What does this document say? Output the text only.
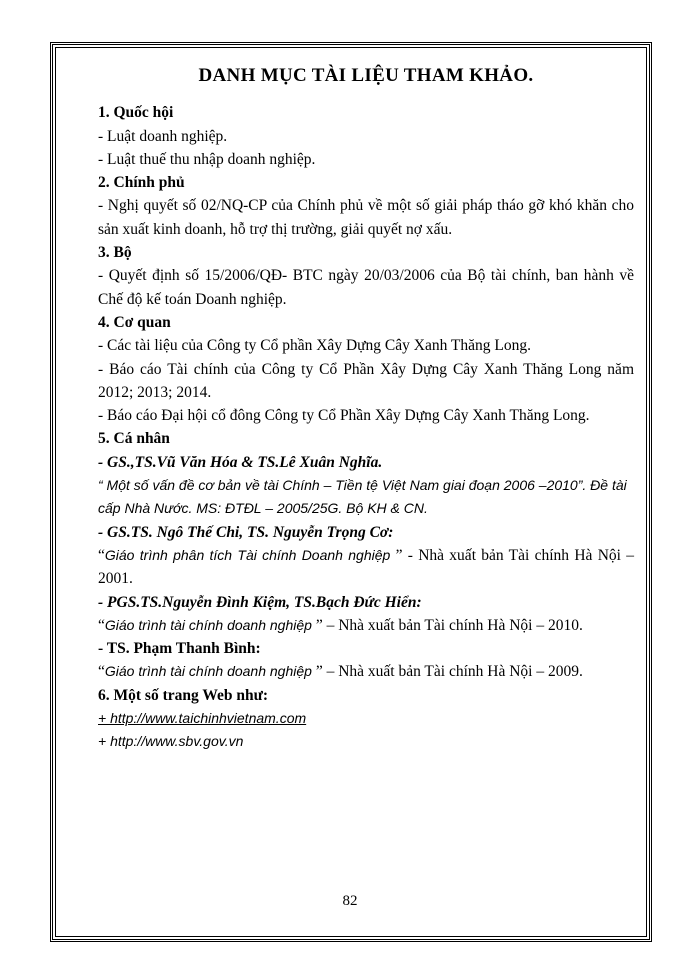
DANH MỤC TÀI LIỆU THAM KHẢO.
1. Quốc hội

- Luật doanh nghiệp.

- Luật thuế thu nhập doanh nghiệp.

2. Chính phủ

- Nghị quyết số 02/NQ-CP của Chính phủ về một số giải pháp tháo gỡ khó khăn cho sản xuất kinh doanh, hỗ trợ thị trường, giải quyết nợ xấu.

3. Bộ

- Quyết định số 15/2006/QĐ- BTC ngày 20/03/2006 của Bộ tài chính, ban hành về Chế độ kế toán Doanh nghiệp.

4. Cơ quan

- Các tài liệu của Công ty Cổ phần Xây Dựng Cây Xanh Thăng Long.

- Báo cáo Tài chính của Công ty Cổ Phần Xây Dựng Cây Xanh Thăng Long năm 2012; 2013; 2014.

- Báo cáo Đại hội cổ đông Công ty Cổ Phần Xây Dựng Cây Xanh Thăng Long.

5. Cá nhân

- GS.,TS.Vũ Văn Hóa & TS.Lê Xuân Nghĩa.

“ Một số vấn đề cơ bản về tài Chính – Tiền tệ Việt Nam giai đoạn 2006 –2010”. Đề tài cấp Nhà Nước. MS: ĐTĐL – 2005/25G. Bộ KH & CN.

- GS.TS. Ngô Thế Chi, TS. Nguyễn Trọng Cơ:

“Giáo trình phân tích Tài chính Doanh nghiệp ” - Nhà xuất bản Tài chính Hà Nội – 2001.

- PGS.TS.Nguyễn Đình Kiệm, TS.Bạch Đức Hiển:

“Giáo trình tài chính doanh nghiệp ” – Nhà xuất bản Tài chính Hà Nội – 2010.

- TS. Phạm Thanh Bình:

“Giáo trình tài chính doanh nghiệp ” – Nhà xuất bản Tài chính Hà Nội – 2009.

6. Một số trang Web như:

+ http://www.taichinhvietnam.com

+ http://www.sbv.gov.vn

82
